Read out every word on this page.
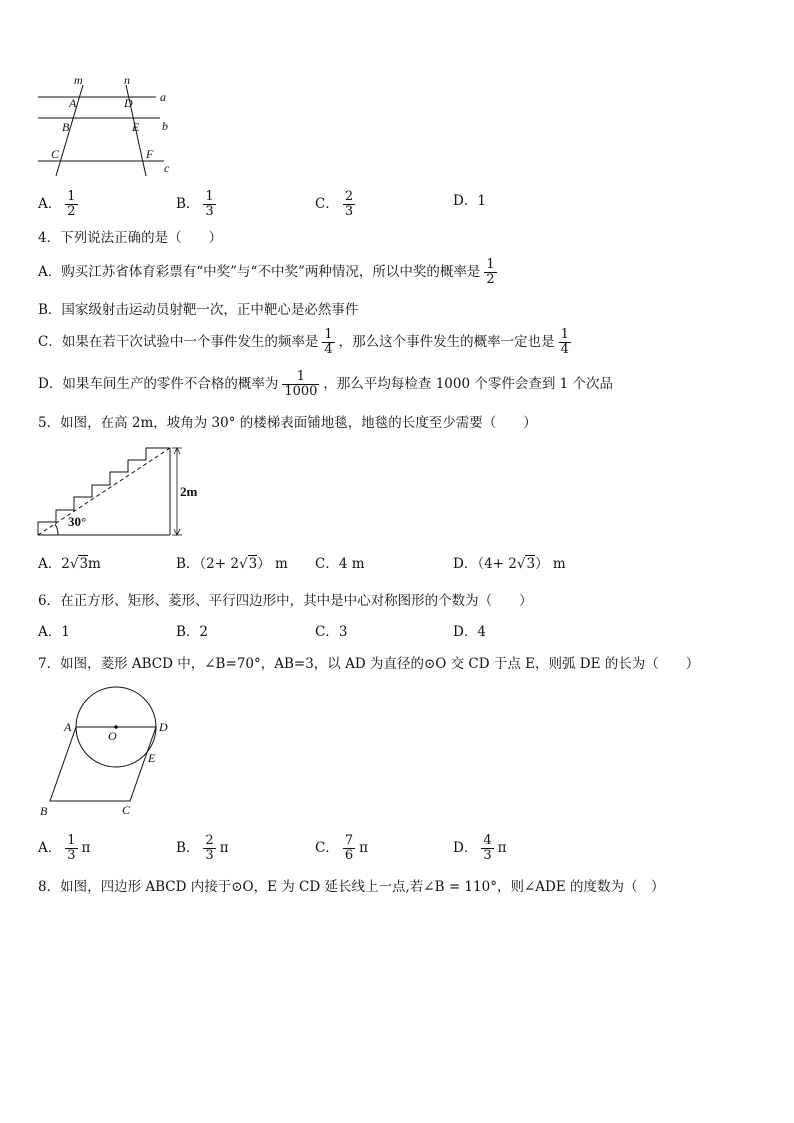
m	n
a
b
c
A
B
C
D
E
F
A． $\frac{1}{2}$	B． $\frac{1}{3}$	C． $\frac{2}{3}$	D．1
4．下列说法正确的是（　　）
A．购买江苏省体育彩票有“中奖”与“不中奖”两种情况，所以中奖的概率是 $\frac{1}{2}$
B．国家级射击运动员射靶一次，正中靶心是必然事件
C．如果在若干次试验中一个事件发生的频率是 $\frac{1}{4}$ ，那么这个事件发生的概率一定也是 $\frac{1}{4}$
D．如果车间生产的零件不合格的概率为 $\frac{1}{1000}$ ，那么平均每检查 1000 个零件会查到 1 个次品
5．如图，在高 2m，坡角为 30° 的楼梯表面铺地毯，地毯的长度至少需要（　　）
2m
30°
A．2√3m	B．（2+ 2√3） m C．4 m	D．（4+ 2√3） m
6．在正方形、矩形、菱形、平行四边形中，其中是中心对称图形的个数为（　　）
A．1	B．2	C．3	D．4
7．如图，菱形 ABCD 中，∠B=70°，AB=3，以 AD 为直径的⊙O 交 CD 于点 E，则弧 DE 的长为（　　）
A
O
D
E
B	C
A． $\frac{1}{3}$ π	B． $\frac{2}{3}$ π	C． $\frac{7}{6}$ π	D． $\frac{4}{3}$ π
8．如图，四边形 ABCD 内接于⊙O，E 为 CD 延长线上一点,若∠B = 110°，则∠ADE 的度数为（　）
